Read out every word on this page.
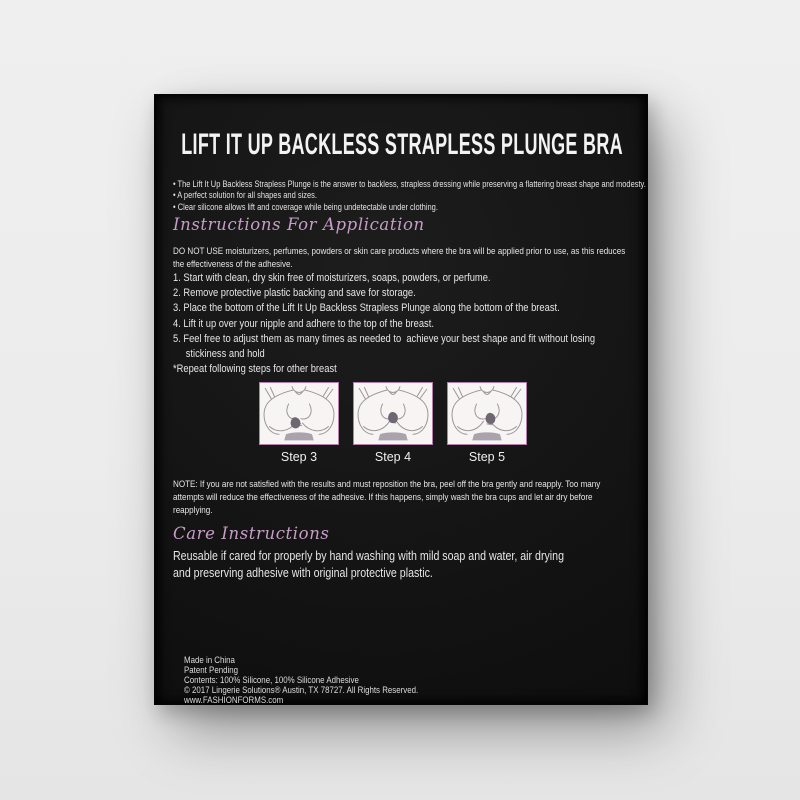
LIFT IT UP BACKLESS STRAPLESS PLUNGE BRA
• The Lift It Up Backless Strapless Plunge is the answer to backless, strapless dressing while preserving a flattering breast shape and modesty.
• A perfect solution for all shapes and sizes.
• Clear silicone allows lift and coverage while being undetectable under clothing.
Instructions For Application
DO NOT USE moisturizers, perfumes, powders or skin care products where the bra will be applied prior to use, as this reduces the effectiveness of the adhesive.
1. Start with clean, dry skin free of moisturizers, soaps, powders, or perfume.
2. Remove protective plastic backing and save for storage.
3. Place the bottom of the Lift It Up Backless Strapless Plunge along the bottom of the breast.
4. Lift it up over your nipple and adhere to the top of the breast.
5. Feel free to adjust them as many times as needed to  achieve your best shape and fit without losing stickiness and hold
*Repeat following steps for other breast
Step 3	Step 4	Step 5
NOTE: If you are not satisfied with the results and must reposition the bra, peel off the bra gently and reapply. Too many attempts will reduce the effectiveness of the adhesive. If this happens, simply wash the bra cups and let air dry before reapplying.
Care Instructions
Reusable if cared for properly by hand washing with mild soap and water, air drying and preserving adhesive with original protective plastic.
Made in China
Patent Pending
Contents: 100% Silicone, 100% Silicone Adhesive
© 2017 Lingerie Solutions® Austin, TX 78727. All Rights Reserved.
www.FASHIONFORMS.com
